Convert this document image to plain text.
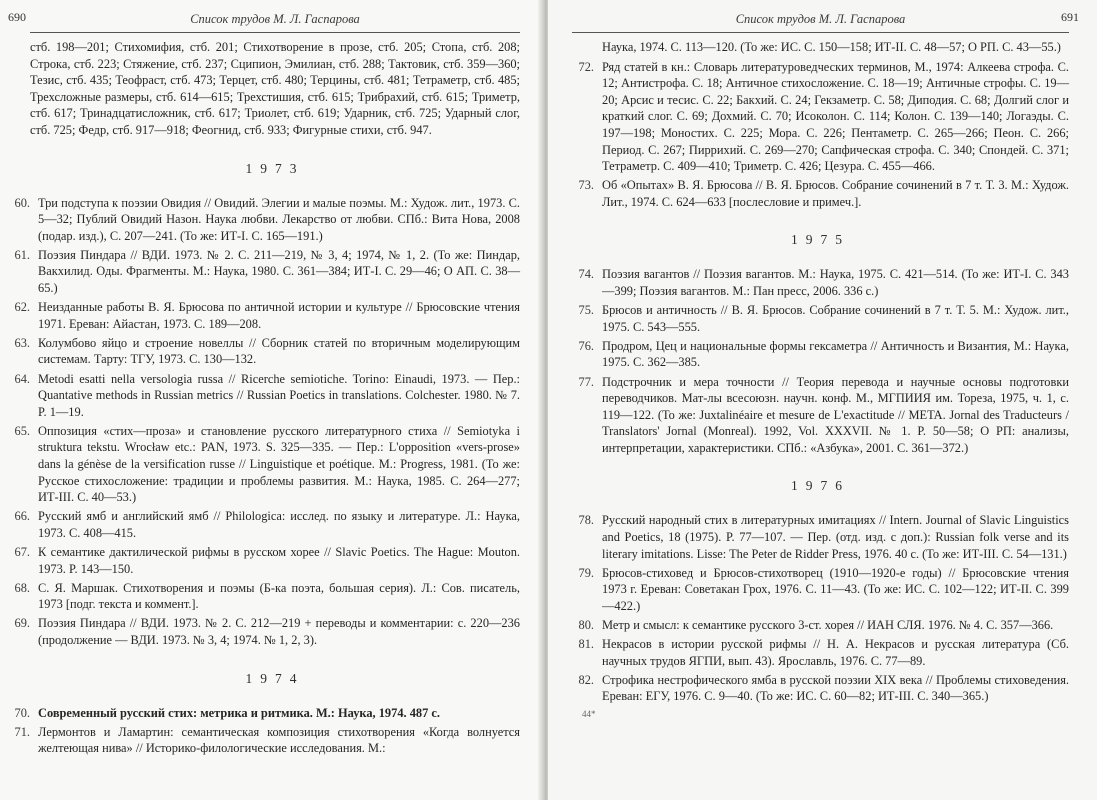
690	Список трудов М. Л. Гаспарова

стб. 198—201; Стихомифия, стб. 201; Стихотворение в прозе, стб. 205; Стопа, стб. 208; Строка, стб. 223; Стяжение, стб. 237; Сципион, Эмилиан, стб. 288; Тактовик, стб. 359—360; Тезис, стб. 435; Теофраст, стб. 473; Терцет, стб. 480; Терцины, стб. 481; Тетраметр, стб. 485; Трехсложные размеры, стб. 614—615; Трехстишия, стб. 615; Трибрахий, стб. 615; Триметр, стб. 617; Тринадцатисложник, стб. 617; Триолет, стб. 619; Ударник, стб. 725; Ударный слог, стб. 725; Федр, стб. 917—918; Феогнид, стб. 933; Фигурные стихи, стб. 947.

1973
60. Три подступа к поэзии Овидия // Овидий. Элегии и малые поэмы. М.: Худож. лит., 1973. С. 5—32; Публий Овидий Назон. Наука любви. Лекарство от любви. СПб.: Вита Нова, 2008 (подар. изд.), С. 207—241. (То же: ИТ-I. С. 165—191.)
61. Поэзия Пиндара // ВДИ. 1973. № 2. С. 211—219, № 3, 4; 1974, № 1, 2. (То же: Пиндар, Вакхилид. Оды. Фрагменты. М.: Наука, 1980. С. 361—384; ИТ-I. С. 29—46; О АП. С. 38—65.)
62. Неизданные работы В. Я. Брюсова по античной истории и культуре // Брюсовские чтения 1971. Ереван: Айастан, 1973. С. 189—208.
63. Колумбово яйцо и строение новеллы // Сборник статей по вторичным моделирующим системам. Тарту: ТГУ, 1973. С. 130—132.
64. Metodi esatti nella versologia russa // Ricerche semiotiche. Torino: Einaudi, 1973. — Пер.: Quantative methods in Russian metrics // Russian Poetics in translations. Colchester. 1980. № 7. P. 1—19.
65. Оппозиция «стих—проза» и становление русского литературного стиха // Semiotyka i struktura tekstu. Wrocław etc.: PAN, 1973. S. 325—335. — Пер.: L'opposition «vers-prose» dans la génèse de la versification russe // Linguistique et poétique. M.: Progress, 1981. (То же: Русское стихосложение: традиции и проблемы развития. М.: Наука, 1985. С. 264—277; ИТ-III. С. 40—53.)
66. Русский ямб и английский ямб // Philologica: исслед. по языку и литературе. Л.: Наука, 1973. С. 408—415.
67. К семантике дактилической рифмы в русском хорее // Slavic Poetics. The Hague: Mouton. 1973. P. 143—150.
68. С. Я. Маршак. Стихотворения и поэмы (Б-ка поэта, большая серия). Л.: Сов. писатель, 1973 [подг. текста и коммент.].
69. Поэзия Пиндара // ВДИ. 1973. № 2. С. 212—219 + переводы и комментарии: с. 220—236 (продолжение — ВДИ. 1973. № 3, 4; 1974. № 1, 2, 3).
1974
70. Современный русский стих: метрика и ритмика. М.: Наука, 1974. 487 с.
71. Лермонтов и Ламартин: семантическая композиция стихотворения «Когда волнуется желтеющая нива» // Историко-филологические исследования. М.:
Список трудов М. Л. Гаспарова	691

Наука, 1974. С. 113—120. (То же: ИС. С. 150—158; ИТ-II. С. 48—57; О РП. С. 43—55.)

72. Ряд статей в кн.: Словарь литературоведческих терминов, М., 1974: Алкеева строфа. С. 12; Антистрофа. С. 18; Античное стихосложение. С. 18—19; Античные строфы. С. 19—20; Арсис и тесис. С. 22; Бакхий. С. 24; Гекзаметр. С. 58; Диподия. С. 68; Долгий слог и краткий слог. С. 69; Дохмий. С. 70; Исоколон. С. 114; Колон. С. 139—140; Логаэды. С. 197—198; Моностих. С. 225; Мора. С. 226; Пентаметр. С. 265—266; Пеон. С. 266; Период. С. 267; Пиррихий. С. 269—270; Сапфическая строфа. С. 340; Спондей. С. 371; Тетраметр. С. 409—410; Триметр. С. 426; Цезура. С. 455—466.
73. Об «Опытах» В. Я. Брюсова // В. Я. Брюсов. Собрание сочинений в 7 т. Т. 3. М.: Худож. Лит., 1974. С. 624—633 [послесловие и примеч.].
1975
74. Поэзия вагантов // Поэзия вагантов. М.: Наука, 1975. С. 421—514. (То же: ИТ-I. С. 343—399; Поэзия вагантов. М.: Пан пресс, 2006. 336 с.)
75. Брюсов и античность // В. Я. Брюсов. Собрание сочинений в 7 т. Т. 5. М.: Худож. лит., 1975. С. 543—555.
76. Продром, Цец и национальные формы гексаметра // Античность и Византия, М.: Наука, 1975. С. 362—385.
77. Подстрочник и мера точности // Теория перевода и научные основы подготовки переводчиков. Мат-лы всесоюзн. научн. конф. М., МГПИИЯ им. Тореза, 1975, ч. 1, с. 119—122. (То же: Juxtalinéaire et mesure de L'exactitude // META. Jornal des Traducteurs / Translators' Jornal (Monreal). 1992, Vol. XXXVII. № 1. P. 50—58; О РП: анализы, интерпретации, характеристики. СПб.: «Азбука», 2001. С. 361—372.)
1976
78. Русский народный стих в литературных имитациях // Intern. Journal of Slavic Linguistics and Poetics, 18 (1975). P. 77—107. — Пер. (отд. изд. с доп.): Russian folk verse and its literary imitations. Lisse: The Peter de Ridder Press, 1976. 40 с. (То же: ИТ-III. С. 54—131.)
79. Брюсов-стиховед и Брюсов-стихотворец (1910—1920-е годы) // Брюсовские чтения 1973 г. Ереван: Советакан Грох, 1976. С. 11—43. (То же: ИС. С. 102—122; ИТ-II. С. 399—422.)
80. Метр и смысл: к семантике русского 3-ст. хорея // ИАН СЛЯ. 1976. № 4. С. 357—366.
81. Некрасов в истории русской рифмы // Н. А. Некрасов и русская литература (Сб. научных трудов ЯГПИ, вып. 43). Ярославль, 1976. С. 77—89.
82. Строфика нестрофического ямба в русской поэзии XIX века // Проблемы стиховедения. Ереван: ЕГУ, 1976. С. 9—40. (То же: ИС. С. 60—82; ИТ-III. С. 340—365.)
44*
